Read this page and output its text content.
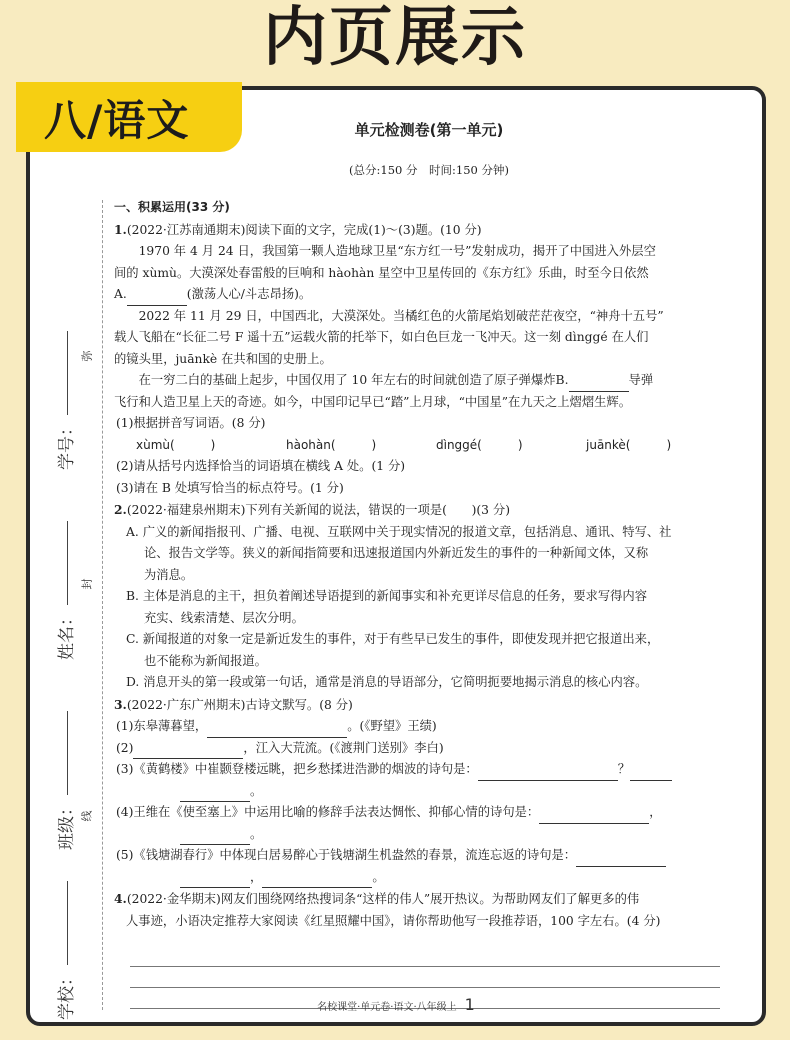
内页展示
八/语文
学号：
姓名：
班级：
学校：
弥
封
线
单元检测卷(第一单元)
(总分:150 分　时间:150 分钟)

一、积累运用(33 分)

1.(2022·江苏南通期末)阅读下面的文字，完成(1)～(3)题。(10 分)

1970 年 4 月 24 日，我国第一颗人造地球卫星“东方红一号”发射成功，揭开了中国进入外层空

间的 xùmù。大漠深处春雷般的巨响和 hàohàn 星空中卫星传回的《东方红》乐曲，时至今日依然

A.	(激荡人心/斗志昂扬)。

2022 年 11 月 29 日，中国西北，大漠深处。当橘红色的火箭尾焰划破茫茫夜空，“神舟十五号”

载人飞船在“长征二号 F 遥十五”运载火箭的托举下，如白色巨龙一飞冲天。这一刻 dìnggé 在人们

的镜头里，juānkè 在共和国的史册上。

在一穷二白的基础上起步，中国仅用了 10 年左右的时间就创造了原子弹爆炸B.	导弹

飞行和人造卫星上天的奇迹。如今，中国印记早已“踏”上月球，“中国星”在九天之上熠熠生辉。

(1)根据拼音写词语。(8 分)

xùmù(　　　)	hàohàn(　　　)	dìnggé(　　　)	juānkè(　　　)

(2)请从括号内选择恰当的词语填在横线 A 处。(1 分)

(3)请在 B 处填写恰当的标点符号。(1 分)

2.(2022·福建泉州期末)下列有关新闻的说法，错误的一项是(　　)(3 分)

A. 广义的新闻指报刊、广播、电视、互联网中关于现实情况的报道文章，包括消息、通讯、特写、社

论、报告文学等。狭义的新闻指简要和迅速报道国内外新近发生的事件的一种新闻文体，又称

为消息。

B. 主体是消息的主干，担负着阐述导语提到的新闻事实和补充更详尽信息的任务，要求写得内容

充实、线索清楚、层次分明。

C. 新闻报道的对象一定是新近发生的事件，对于有些早已发生的事件，即使发现并把它报道出来，

也不能称为新闻报道。

D. 消息开头的第一段或第一句话，通常是消息的导语部分，它简明扼要地揭示消息的核心内容。

3.(2022·广东广州期末)古诗文默写。(8 分)

(1)东皋薄暮望，	。(《野望》王绩)

(2)	，江入大荒流。(《渡荆门送别》李白)

(3)《黄鹤楼》中崔颢登楼远眺，把乡愁揉进浩渺的烟波的诗句是：	？

。

(4)王维在《使至塞上》中运用比喻的修辞手法表达惆怅、抑郁心情的诗句是：	，

。

(5)《钱塘湖春行》中体现白居易醉心于钱塘湖生机盎然的春景，流连忘返的诗句是：

，	。

4.(2022·金华期末)网友们围绕网络热搜词条“这样的伟人”展开热议。为帮助网友们了解更多的伟

人事迹，小语决定推荐大家阅读《红星照耀中国》，请你帮助他写一段推荐语，100 字左右。(4 分)

名校课堂·单元卷·语文·八年级上 1
